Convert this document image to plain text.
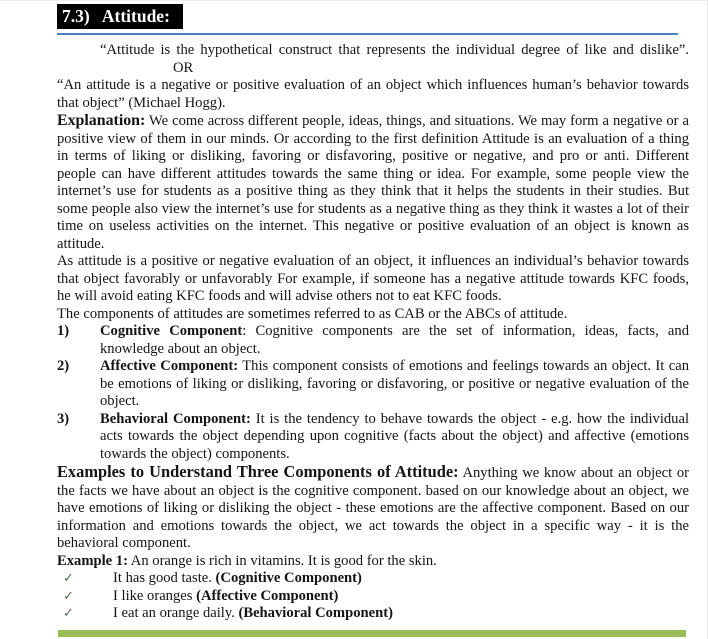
7.3)   Attitude:

“Attitude is the hypothetical construct that represents the individual degree of like and dislike”.OR

“An attitude is a negative or positive evaluation of an object which influences human’s behavior towards that object” (Michael Hogg).

Explanation: We come across different people, ideas, things, and situations. We may form a negative or a positive view of them in our minds. Or according to the first definition Attitude is an evaluation of a thing in terms of liking or disliking, favoring or disfavoring, positive or negative, and pro or anti. Different people can have different attitudes towards the same thing or idea. For example, some people view the internet’s use for students as a positive thing as they think that it helps the students in their studies. But some people also view the internet’s use for students as a negative thing as they think it wastes a lot of their time on useless activities on the internet. This negative or positive evaluation of an object is known as attitude.

As attitude is a positive or negative evaluation of an object, it influences an individual’s behavior towards that object favorably or unfavorably For example, if someone has a negative attitude towards KFC foods, he will avoid eating KFC foods and will advise others not to eat KFC foods.

The components of attitudes are sometimes referred to as CAB or the ABCs of attitude.

1)	Cognitive Component: Cognitive components are the set of information, ideas, facts, and knowledge about an object.
2)	Affective Component: This component consists of emotions and feelings towards an object. It can be emotions of liking or disliking, favoring or disfavoring, or positive or negative evaluation of the object.
3)	Behavioral Component: It is the tendency to behave towards the object - e.g. how the individual acts towards the object depending upon cognitive (facts about the object) and affective (emotions towards the object) components.

Examples to Understand Three Components of Attitude: Anything we know about an object or the facts we have about an object is the cognitive component. based on our knowledge about an object, we have emotions of liking or disliking the object - these emotions are the affective component. Based on our information and emotions towards the object, we act towards the object in a specific way - it is the behavioral component.

Example 1: An orange is rich in vitamins. It is good for the skin.

✓	It has good taste. (Cognitive Component)
✓	I like oranges (Affective Component)
✓	I eat an orange daily. (Behavioral Component)
